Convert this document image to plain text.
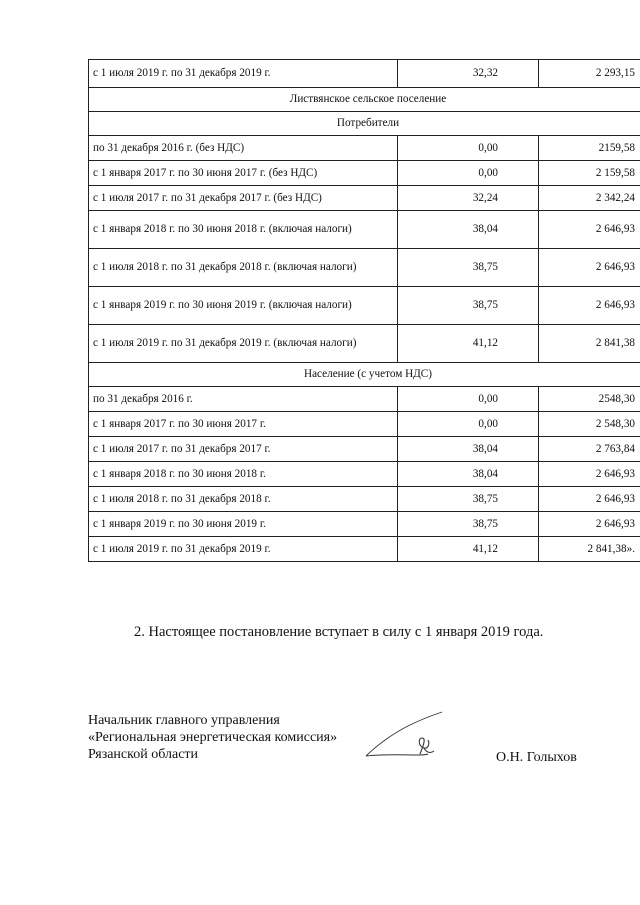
с 1 июля 2019 г. по 31 декабря 2019 г.	32,32	2 293,15
Листвянское сельское поселение		
Потребители		
по 31 декабря 2016 г. (без НДС)	0,00	2159,58
с 1 января 2017 г. по 30 июня 2017 г. (без НДС)	0,00	2 159,58
с 1 июля 2017 г. по 31 декабря 2017 г. (без НДС)	32,24	2 342,24
с 1 января 2018 г. по 30 июня 2018 г. (включая налоги)	38,04	2 646,93
с 1 июля 2018 г. по 31 декабря 2018 г. (включая налоги)	38,75	2 646,93
с 1 января 2019 г. по 30 июня 2019 г. (включая налоги)	38,75	2 646,93
с 1 июля 2019 г. по 31 декабря 2019 г. (включая налоги)	41,12	2 841,38
Население (с учетом НДС)		
по 31 декабря 2016 г.	0,00	2548,30
с 1 января 2017 г. по 30 июня 2017 г.	0,00	2 548,30
с 1 июля 2017 г. по 31 декабря 2017 г.	38,04	2 763,84
с 1 января 2018 г. по 30 июня 2018 г.	38,04	2 646,93
с 1 июля 2018 г. по 31 декабря 2018 г.	38,75	2 646,93
с 1 января 2019 г. по 30 июня 2019 г.	38,75	2 646,93
с 1 июля 2019 г. по 31 декабря 2019 г.	41,12	2 841,38».
2. Настоящее постановление вступает в силу с 1 января 2019 года.
Начальник главного управления
«Региональная энергетическая комиссия»
Рязанской области	О.Н. Голыхов
